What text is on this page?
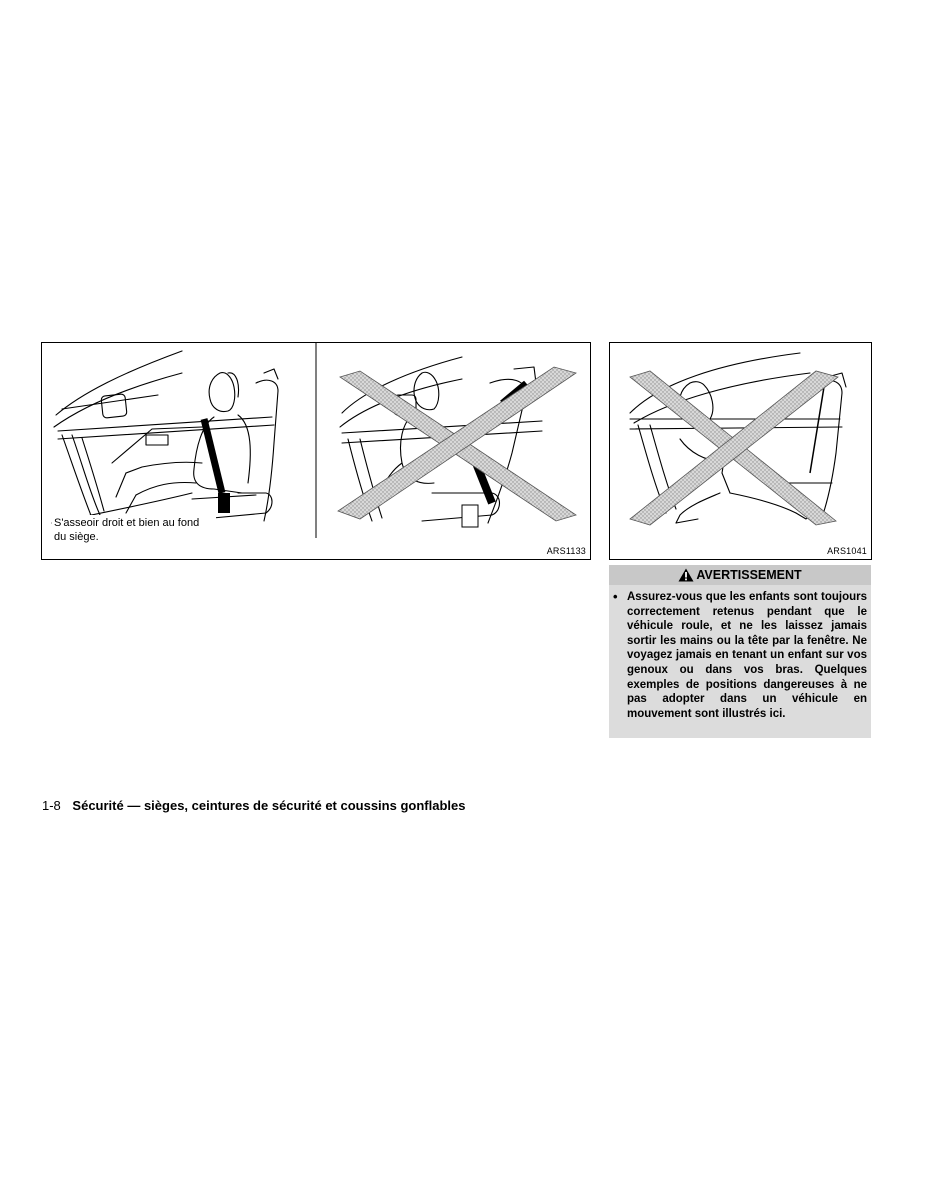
S'asseoir droit et bien au fond du siège.
ARS1133	ARS1041
AVERTISSEMENT
• Assurez-vous que les enfants sont toujours correctement retenus pendant que le véhicule roule, et ne les laissez jamais sortir les mains ou la tête par la fenêtre. Ne voyagez jamais en tenant un enfant sur vos genoux ou dans vos bras. Quelques exemples de positions dangereuses à ne pas adopter dans un véhicule en mouvement sont illustrés ici.
1-8 Sécurité — sièges, ceintures de sécurité et coussins gonflables
